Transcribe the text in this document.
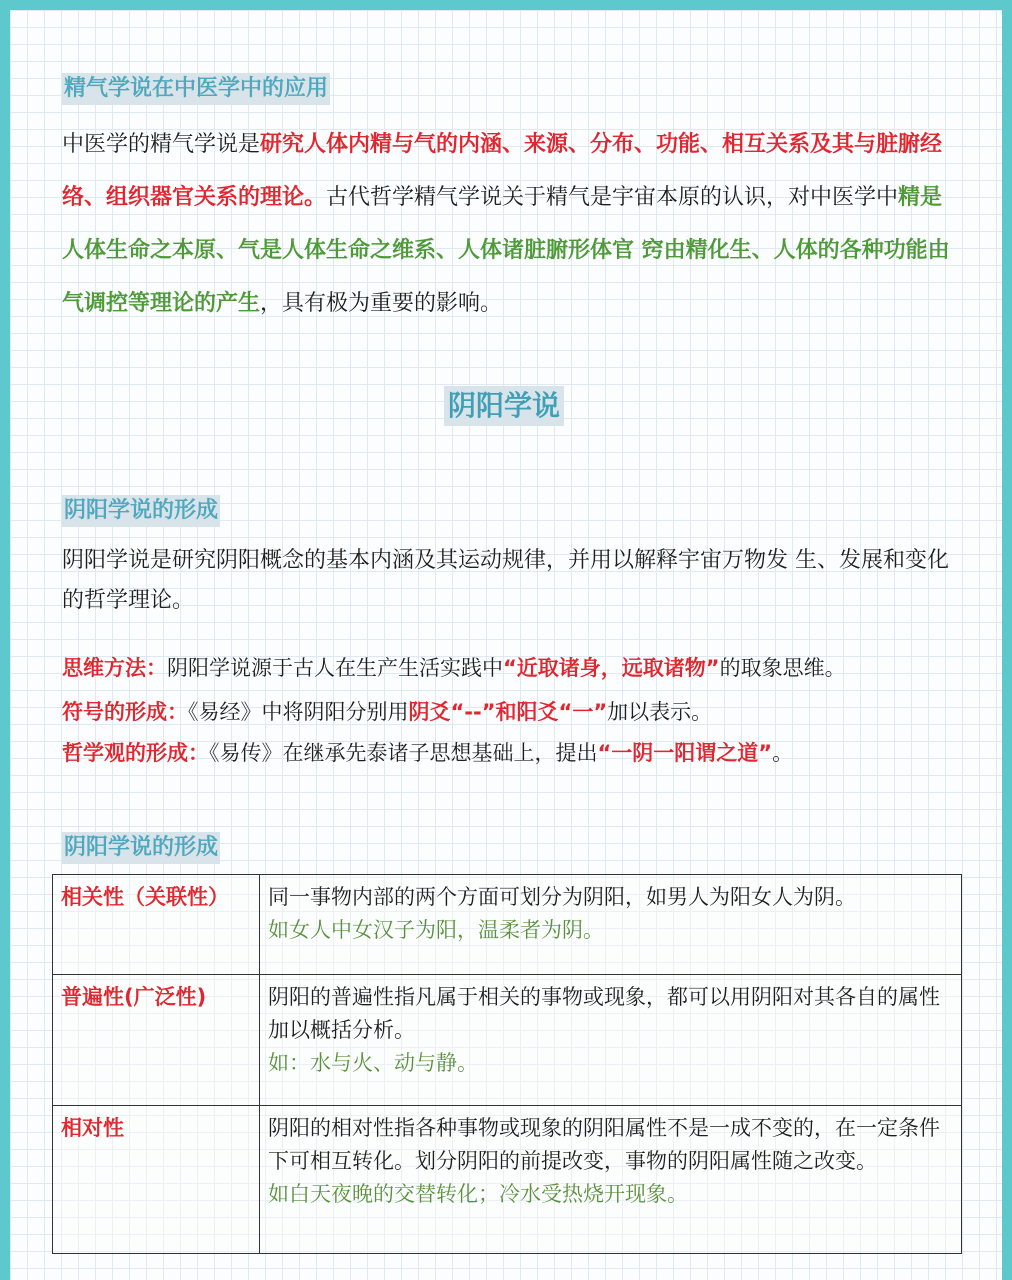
精气学说在中医学中的应用
中医学的精气学说是研究人体内精与气的内涵、来源、分布、功能、相互关系及其与脏腑经络、组织器官关系的理论。古代哲学精气学说关于精气是宇宙本原的认识，对中医学中精是人体生命之本原、气是人体生命之维系、人体诸脏腑形体官 窍由精化生、人体的各种功能由气调控等理论的产生，具有极为重要的影响。
阴阳学说
阴阳学说的形成
阴阳学说是研究阴阳概念的基本内涵及其运动规律，并用以解释宇宙万物发 生、发展和变化的哲学理论。
思维方法：阴阳学说源于古人在生产生活实践中“近取诸身，远取诸物”的取象思维。
符号的形成：《易经》中将阴阳分别用阴爻“--”和阳爻“一”加以表示。
哲学观的形成：《易传》在继承先泰诸子思想基础上，提出“一阴一阳谓之道”。
阴阳学说的形成
相关性（关联性）	同一事物内部的两个方面可划分为阴阳，如男人为阳女人为阴。
如女人中女汉子为阳，温柔者为阴。

普遍性(广泛性)	阴阳的普遍性指凡属于相关的事物或现象，都可以用阴阳对其各自的属性加以概括分析。
如：水与火、动与静。

相对性	阴阳的相对性指各种事物或现象的阴阳属性不是一成不变的，在一定条件下可相互转化。划分阴阳的前提改变，事物的阴阳属性随之改变。
如白天夜晚的交替转化；冷水受热烧开现象。
